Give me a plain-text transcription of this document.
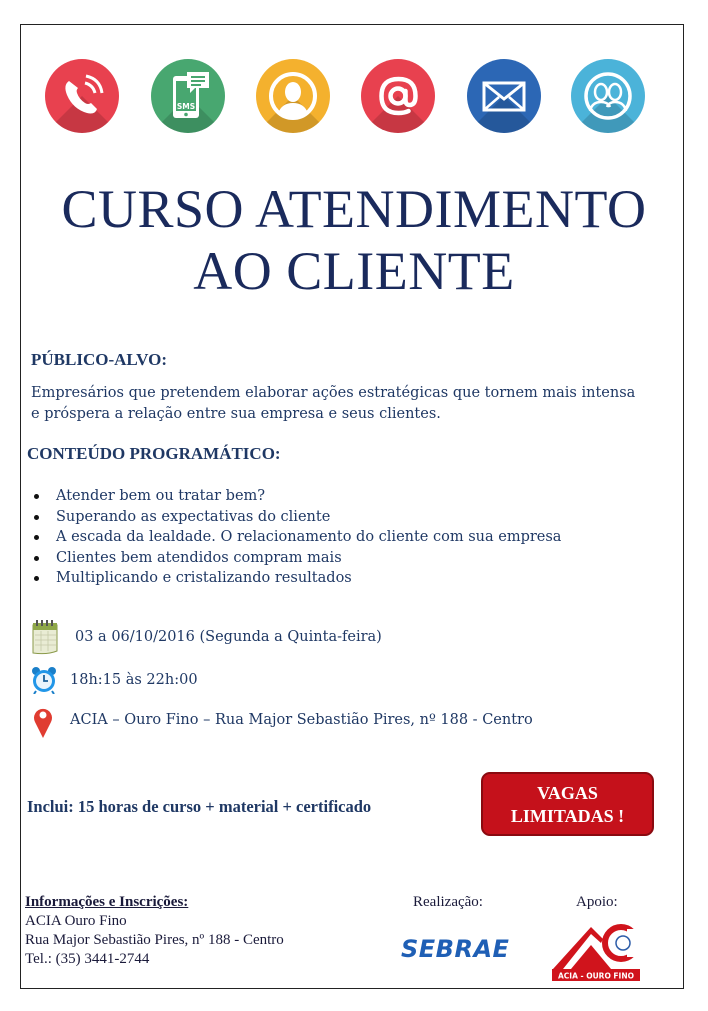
SMS
CURSO ATENDIMENTO
AO CLIENTE

PÚBLICO-ALVO:

Empresários que pretendem elaborar ações estratégicas que tornem mais intensa

e próspera a relação entre sua empresa e seus clientes.

CONTEÚDO PROGRAMÁTICO:

Atender bem ou tratar bem?
Superando as expectativas do cliente
A escada da lealdade. O relacionamento do cliente com sua empresa
Clientes bem atendidos compram mais
Multiplicando e cristalizando resultados
03 a 06/10/2016 (Segunda a Quinta-feira)
18h:15 às 22h:00
ACIA – Ouro Fino – Rua Major Sebastião Pires, nº 188 - Centro
Inclui: 15 horas de curso + material + certificado
VAGAS
LIMITADAS !
Informações e Inscrições:
ACIA Ouro Fino
Rua Major Sebastião Pires, nº 188 - Centro
Tel.: (35) 3441-2744
Realização:
SEBRAE
Apoio:
ACIA - OURO FINO
